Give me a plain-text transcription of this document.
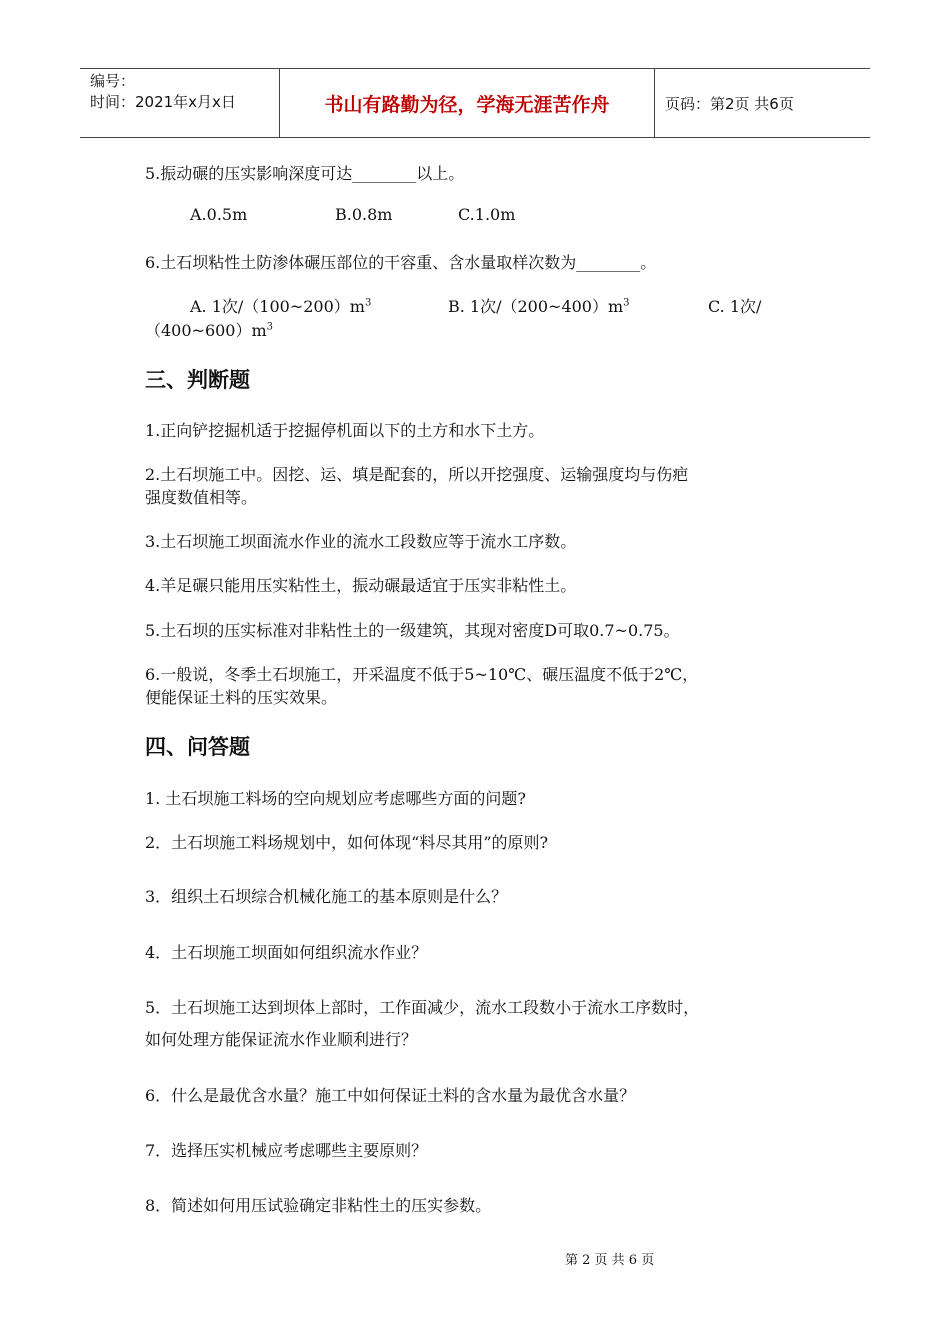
编号：
时间：2021年x月x日	书山有路勤为径，学海无涯苦作舟	页码：第2页 共6页
5.振动碾的压实影响深度可达________以上。
A.0.5m	B.0.8m	C.1.0m
6.土石坝粘性土防渗体碾压部位的干容重、含水量取样次数为________。
A. 1次$/(100\sim 200)m^3$	B. 1次$/(200\sim 400)m^3$	C. 1次/
$(400\sim 600)m^3$
三、判断题
1.正向铲挖掘机适于挖掘停机面以下的土方和水下土方。
2.土石坝施工中。因挖、运、填是配套的，所以开挖强度、运输强度均与伤疤
强度数值相等。
3.土石坝施工坝面流水作业的流水工段数应等于流水工序数。
4.羊足碾只能用压实粘性土，振动碾最适宜于压实非粘性土。
5.土石坝的压实标准对非粘性土的一级建筑，其现对密度D可取0.7~0.75。
6.一般说，冬季土石坝施工，开采温度不低于5~10℃、碾压温度不低于2℃，
便能保证土料的压实效果。
四、问答题
1. 土石坝施工料场的空向规划应考虑哪些方面的问题?
2．土石坝施工料场规划中，如何体现“料尽其用”的原则?
3．组织土石坝综合机械化施工的基本原则是什么？
4．土石坝施工坝面如何组织流水作业？
5．土石坝施工达到坝体上部时，工作面减少，流水工段数小于流水工序数时，
如何处理方能保证流水作业顺利进行？
6．什么是最优含水量？施工中如何保证土料的含水量为最优含水量？
7．选择压实机械应考虑哪些主要原则？
8．简述如何用压试验确定非粘性土的压实参数。
第 2 页 共 6 页
